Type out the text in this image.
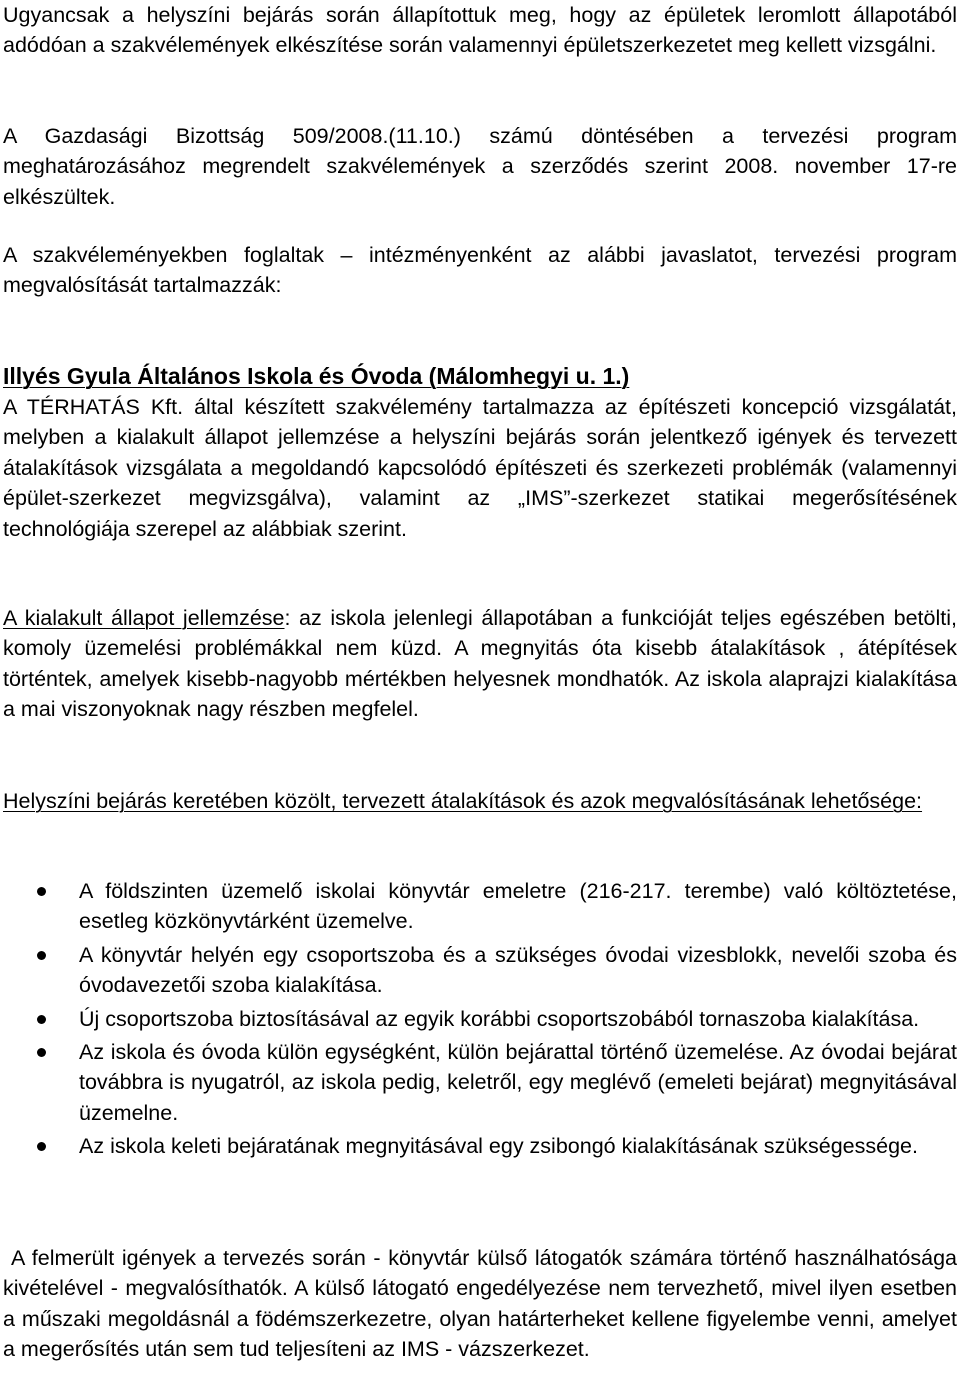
Ugyancsak a helyszíni bejárás során állapítottuk meg, hogy az épületek leromlott állapotából adódóan a szakvélemények elkészítése során valamennyi épületszerkezetet meg kellett vizsgálni.
A Gazdasági Bizottság 509/2008.(11.10.) számú döntésében a tervezési program meghatározásához megrendelt szakvélemények a szerződés szerint 2008. november 17-re elkészültek.
A szakvéleményekben foglaltak – intézményenként az alábbi javaslatot, tervezési program megvalósítását tartalmazzák:
Illyés Gyula Általános Iskola és Óvoda (Málomhegyi u. 1.)
A TÉRHATÁS Kft. által készített szakvélemény tartalmazza az építészeti koncepció vizsgálatát, melyben a kialakult állapot jellemzése a helyszíni bejárás során jelentkező igények és tervezett átalakítások vizsgálata a megoldandó kapcsolódó építészeti és szerkezeti problémák (valamennyi épület-szerkezet megvizsgálva), valamint az „IMS”-szerkezet statikai megerősítésének technológiája szerepel az alábbiak szerint.
A kialakult állapot jellemzése: az iskola jelenlegi állapotában a funkcióját teljes egészében betölti, komoly üzemelési problémákkal nem küzd. A megnyitás óta kisebb átalakítások , átépítések történtek, amelyek kisebb-nagyobb mértékben helyesnek mondhatók. Az iskola alaprajzi kialakítása a mai viszonyoknak nagy részben megfelel.
Helyszíni bejárás keretében közölt, tervezett átalakítások és azok megvalósításának lehetősége:
A földszinten üzemelő iskolai könyvtár emeletre (216-217. terembe) való költöztetése, esetleg közkönyvtárként üzemelve.
A könyvtár helyén egy csoportszoba és a szükséges óvodai vizesblokk, nevelői szoba és óvodavezetői szoba kialakítása.
Új csoportszoba biztosításával az egyik korábbi csoportszobából tornaszoba kialakítása.
Az iskola és óvoda külön egységként, külön bejárattal történő üzemelése. Az óvodai bejárat továbbra is nyugatról, az iskola pedig, keletről, egy meglévő (emeleti bejárat) megnyitásával üzemelne.
Az iskola keleti bejáratának megnyitásával egy zsibongó kialakításának szükségessége.
A felmerült igények a tervezés során - könyvtár külső látogatók számára történő használhatósága kivételével - megvalósíthatók. A külső látogató engedélyezése nem tervezhető, mivel ilyen esetben a műszaki megoldásnál a födémszerkezetre, olyan határterheket kellene figyelembe venni, amelyet a megerősítés után sem tud teljesíteni az IMS - vázszerkezet.
